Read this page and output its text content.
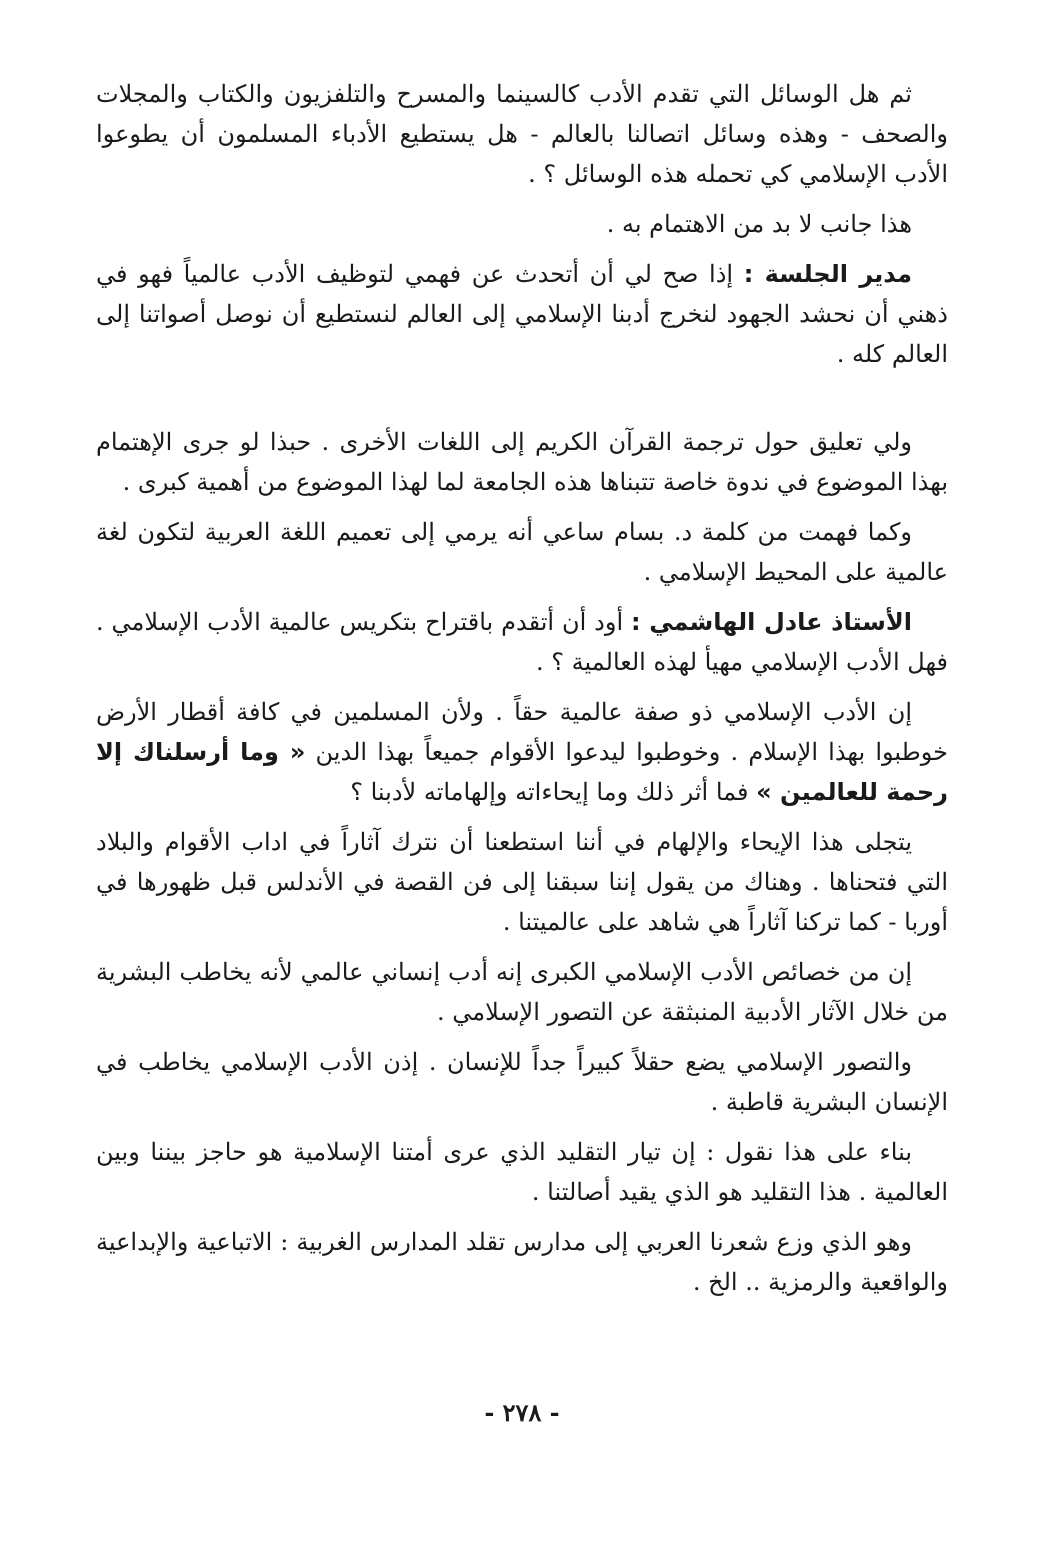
ثم هل الوسائل التي تقدم الأدب كالسينما والمسرح والتلفزيون والكتاب والمجلات والصحف - وهذه وسائل اتصالنا بالعالم - هل يستطيع الأدباء المسلمون أن يطوعوا الأدب الإسلامي كي تحمله هذه الوسائل ؟ .

هذا جانب لا بد من الاهتمام به .

مدير الجلسة : إذا صح لي أن أتحدث عن فهمي لتوظيف الأدب عالمياً فهو في ذهني أن نحشد الجهود لنخرج أدبنا الإسلامي إلى العالم لنستطيع أن نوصل أصواتنا إلى العالم كله .

ولي تعليق حول ترجمة القرآن الكريم إلى اللغات الأخرى . حبذا لو جرى الإهتمام بهذا الموضوع في ندوة خاصة تتبناها هذه الجامعة لما لهذا الموضوع من أهمية كبرى .

وكما فهمت من كلمة د. بسام ساعي أنه يرمي إلى تعميم اللغة العربية لتكون لغة عالمية على المحيط الإسلامي .

الأستاذ عادل الهاشمي : أود أن أتقدم باقتراح بتكريس عالمية الأدب الإسلامي . فهل الأدب الإسلامي مهيأ لهذه العالمية ؟ .

إن الأدب الإسلامي ذو صفة عالمية حقاً . ولأن المسلمين في كافة أقطار الأرض خوطبوا بهذا الإسلام . وخوطبوا ليدعوا الأقوام جميعاً بهذا الدين « وما أرسلناك إلا رحمة للعالمين » فما أثر ذلك وما إيحاءاته وإلهاماته لأدبنا ؟

يتجلى هذا الإيحاء والإلهام في أننا استطعنا أن نترك آثاراً في اداب الأقوام والبلاد التي فتحناها . وهناك من يقول إننا سبقنا إلى فن القصة في الأندلس قبل ظهورها في أوربا - كما تركنا آثاراً هي شاهد على عالميتنا .

إن من خصائص الأدب الإسلامي الكبرى إنه أدب إنساني عالمي لأنه يخاطب البشرية من خلال الآثار الأدبية المنبثقة عن التصور الإسلامي .

والتصور الإسلامي يضع حقلاً كبيراً جداً للإنسان . إذن الأدب الإسلامي يخاطب في الإنسان البشرية قاطبة .

بناء على هذا نقول : إن تيار التقليد الذي عرى أمتنا الإسلامية هو حاجز بيننا وبين العالمية . هذا التقليد هو الذي يقيد أصالتنا .

وهو الذي وزع شعرنا العربي إلى مدارس تقلد المدارس الغربية : الاتباعية والإبداعية والواقعية والرمزية .. الخ .

- ٢٧٨ -
